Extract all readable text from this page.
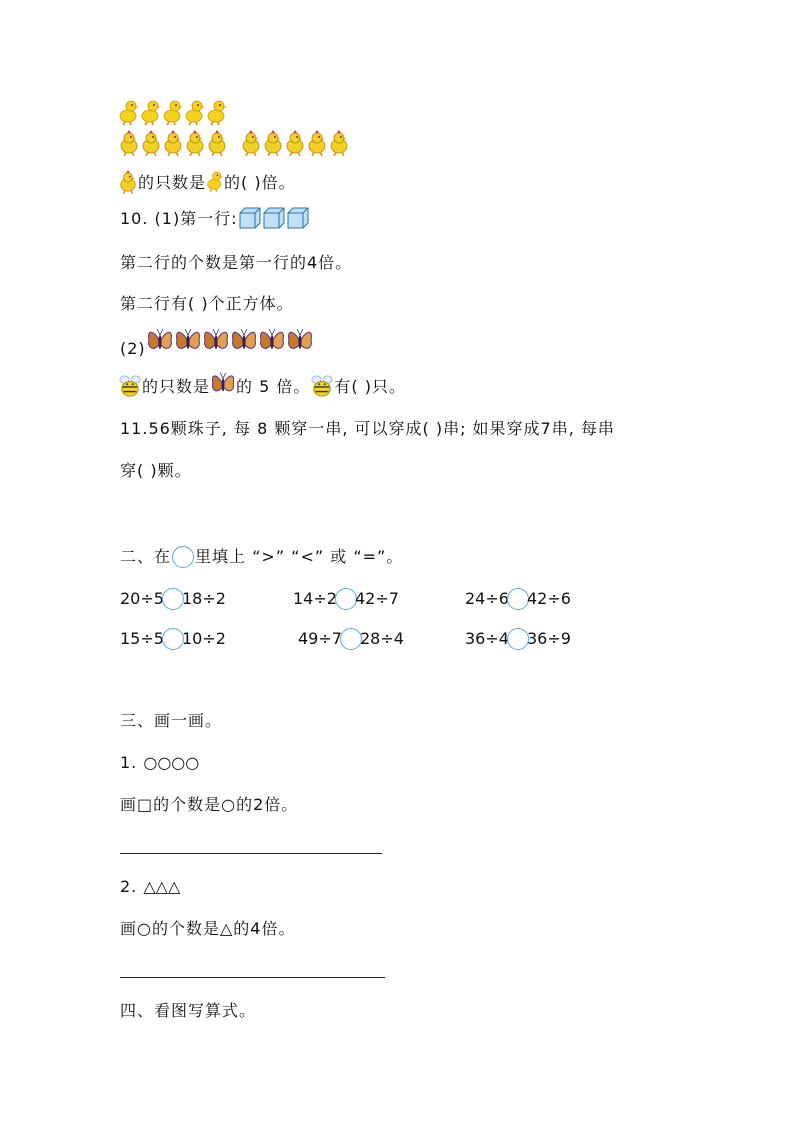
的只数是 的( )倍。
10. (1)第一行:
第二行的个数是第一行的4倍。
第二行有( )个正方体。
(2)
的只数是 的 5 倍。 有( )只。
11.56颗珠子, 每 8 颗穿一串, 可以穿成( )串; 如果穿成7串, 每串
穿( )颗。
二、在 里填上 “>” “<” 或 “=”。
20÷5 18÷2	14÷2 42÷7	24÷6 42÷6
15÷5 10÷2	49÷7 28÷4	36÷4 36÷9
三、画一画。
1. ○○○○
画□的个数是○的2倍。
2. △△△
画○的个数是△的4倍。
四、看图写算式。
